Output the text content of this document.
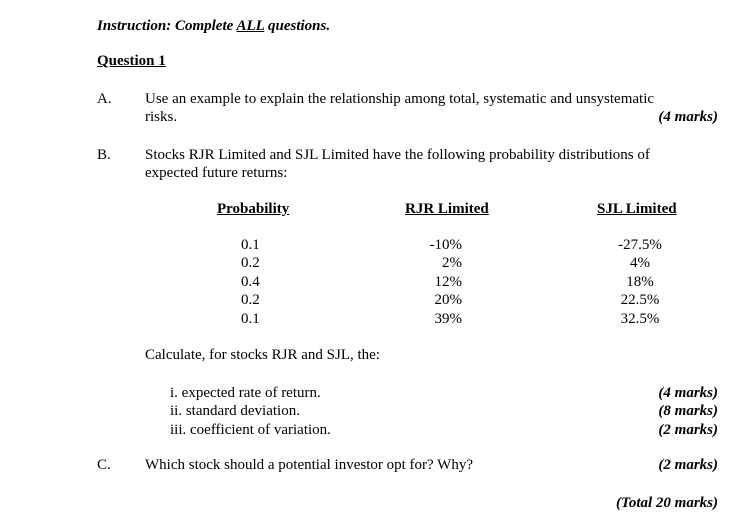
Instruction: Complete ALL questions.
Question 1
A. Use an example to explain the relationship among total, systematic and unsystematic
risks.	(4 marks)
B. Stocks RJR Limited and SJL Limited have the following probability distributions of
expected future returns:
Probability	RJR Limited	SJL Limited
0.1	-10%	-27.5%
0.2	2%	4%
0.4	12%	18%
0.2	20%	22.5%
0.1	39%	32.5%
Calculate, for stocks RJR and SJL, the:
i. expected rate of return.	(4 marks)
ii. standard deviation.	(8 marks)
iii. coefficient of variation.	(2 marks)
C. Which stock should a potential investor opt for? Why?	(2 marks)
(Total 20 marks)
